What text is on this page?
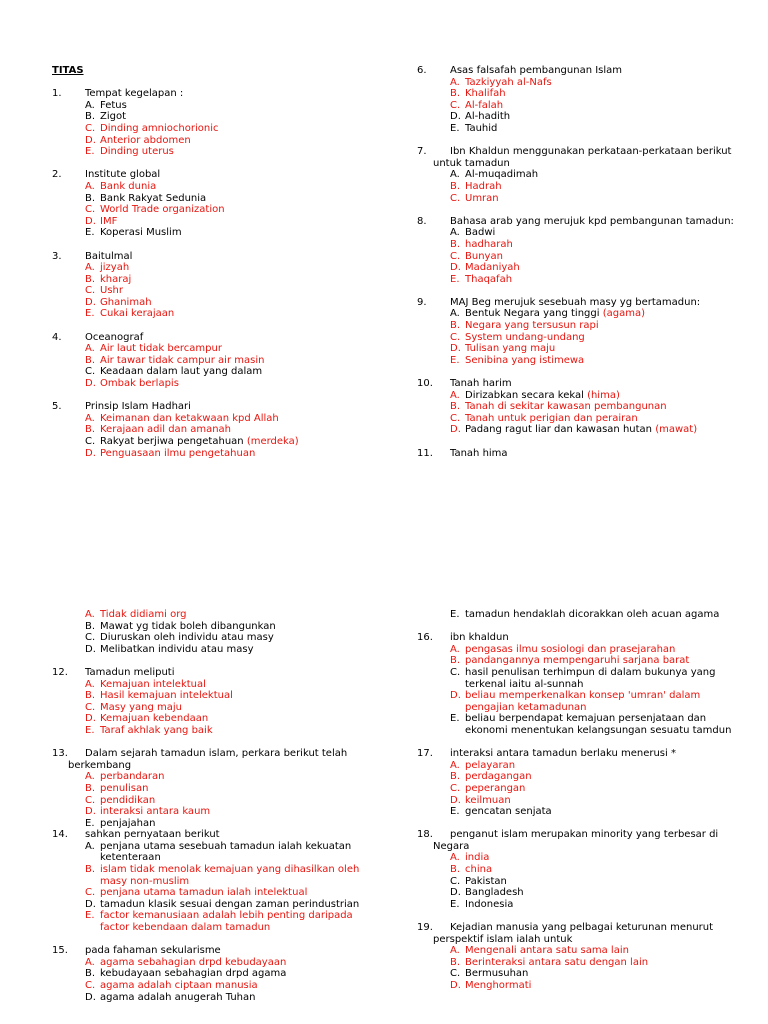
TITAS
1. Tempat kegelapan :
A. Fetus
B. Zigot
C. Dinding amniochorionic
D. Anterior abdomen
E. Dinding uterus
2. Institute global
A. Bank dunia
B. Bank Rakyat Sedunia
C. World Trade organization
D. IMF
E. Koperasi Muslim
3. Baitulmal
A. jizyah
B. kharaj
C. Ushr
D. Ghanimah
E. Cukai kerajaan
4. Oceanograf
A. Air laut tidak bercampur
B. Air tawar tidak campur air masin
C. Keadaan dalam laut yang dalam
D. Ombak berlapis
5. Prinsip Islam Hadhari
A. Keimanan dan ketakwaan kpd Allah
B. Kerajaan adil dan amanah
C. Rakyat berjiwa pengetahuan (merdeka)
D. Penguasaan ilmu pengetahuan
6. Asas falsafah pembangunan Islam
A. Tazkiyyah al-Nafs
B. Khalifah
C. Al-falah
D. Al-hadith
E. Tauhid
7. Ibn Khaldun menggunakan perkataan-perkataan berikut
untuk tamadun
A. Al-muqadimah
B. Hadrah
C. Umran
8. Bahasa arab yang merujuk kpd pembangunan tamadun:
A. Badwi
B. hadharah
C. Bunyan
D. Madaniyah
E. Thaqafah
9. MAJ Beg merujuk sesebuah masy yg bertamadun:
A. Bentuk Negara yang tinggi (agama)
B. Negara yang tersusun rapi
C. System undang-undang
D. Tulisan yang maju
E. Senibina yang istimewa
10. Tanah harim
A. Dirizabkan secara kekal (hima)
B. Tanah di sekitar kawasan pembangunan
C. Tanah untuk perigian dan perairan
D. Padang ragut liar dan kawasan hutan (mawat)
11. Tanah hima
A. Tidak didiami org
B. Mawat yg tidak boleh dibangunkan
C. Diuruskan oleh individu atau masy
D. Melibatkan individu atau masy
12. Tamadun meliputi
A. Kemajuan intelektual
B. Hasil kemajuan intelektual
C. Masy yang maju
D. Kemajuan kebendaan
E. Taraf akhlak yang baik
13. Dalam sejarah tamadun islam, perkara berikut telah
berkembang
A. perbandaran
B. penulisan
C. pendidikan
D. interaksi antara kaum
E. penjajahan
14. sahkan pernyataan berikut
A. penjana utama sesebuah tamadun ialah kekuatan ketenteraan
B. islam tidak menolak kemajuan yang dihasilkan oleh masy non-muslim
C. penjana utama tamadun ialah intelektual
D. tamadun klasik sesuai dengan zaman perindustrian
E. factor kemanusiaan adalah lebih penting daripada factor kebendaan dalam tamadun
15. pada fahaman sekularisme
A. agama sebahagian drpd kebudayaan
B. kebudayaan sebahagian drpd agama
C. agama adalah ciptaan manusia
D. agama adalah anugerah Tuhan
E. tamadun hendaklah dicorakkan oleh acuan agama
16. ibn khaldun
A. pengasas ilmu sosiologi dan prasejarahan
B. pandangannya mempengaruhi sarjana barat
C. hasil penulisan terhimpun di dalam bukunya yang terkenal iaitu al-sunnah
D. beliau memperkenalkan konsep 'umran' dalam pengajian ketamadunan
E. beliau berpendapat kemajuan persenjataan dan ekonomi menentukan kelangsungan sesuatu tamdun
17. interaksi antara tamadun berlaku menerusi *
A. pelayaran
B. perdagangan
C. peperangan
D. keilmuan
E. gencatan senjata
18. penganut islam merupakan minority yang terbesar di
Negara
A. india
B. china
C. Pakistan
D. Bangladesh
E. Indonesia
19. Kejadian manusia yang pelbagai keturunan menurut
perspektif islam ialah untuk
A. Mengenali antara satu sama lain
B. Berinteraksi antara satu dengan lain
C. Bermusuhan
D. Menghormati
